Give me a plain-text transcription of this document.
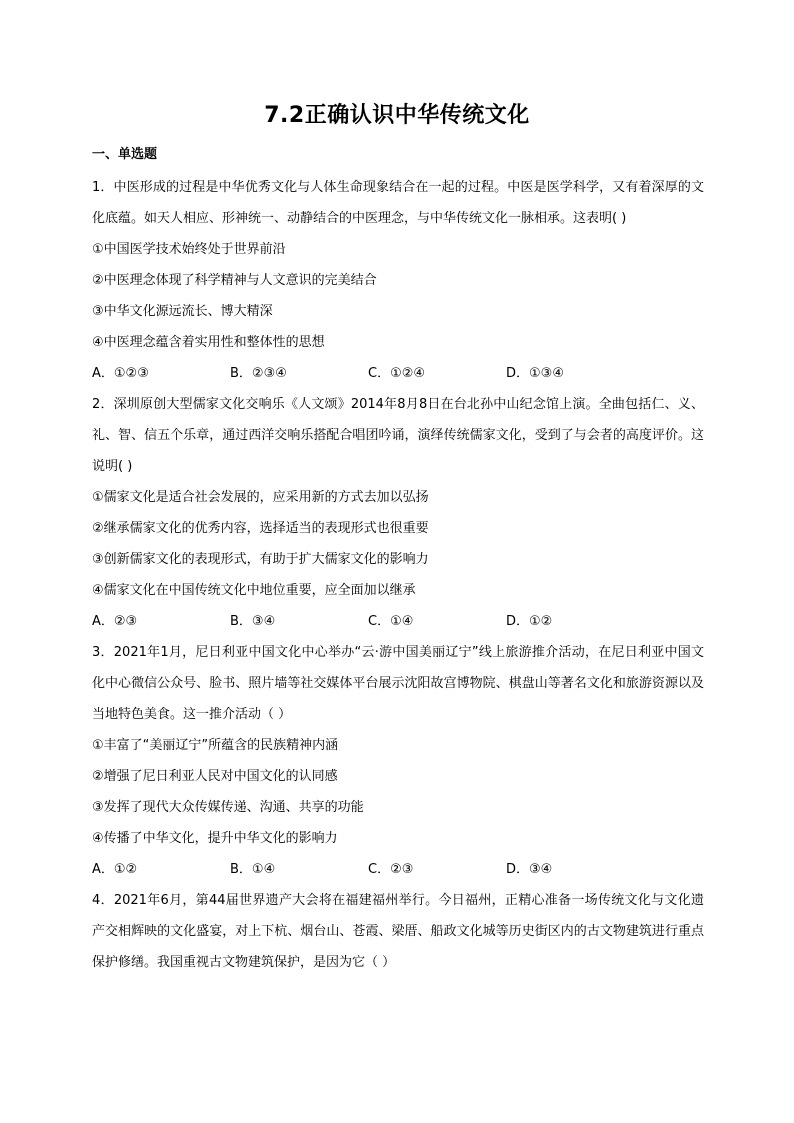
7.2正确认识中华传统文化
一、单选题

1．中医形成的过程是中华优秀文化与人体生命现象结合在一起的过程。中医是医学科学，又有着深厚的文化底蕴。如天人相应、形神统一、动静结合的中医理念，与中华传统文化一脉相承。这表明( )

①中国医学技术始终处于世界前沿

②中医理念体现了科学精神与人文意识的完美结合

③中华文化源远流长、博大精深

④中医理念蕴含着实用性和整体性的思想

A．①②③	B．②③④	C．①②④	D．①③④

2．深圳原创大型儒家文化交响乐《人文颂》2014年8月8日在台北孙中山纪念馆上演。全曲包括仁、义、礼、智、信五个乐章，通过西洋交响乐搭配合唱团吟诵，演绎传统儒家文化，受到了与会者的高度评价。这说明( )

①儒家文化是适合社会发展的，应采用新的方式去加以弘扬

②继承儒家文化的优秀内容，选择适当的表现形式也很重要

③创新儒家文化的表现形式，有助于扩大儒家文化的影响力

④儒家文化在中国传统文化中地位重要，应全面加以继承

A．②③	B．③④	C．①④	D．①②

3．2021年1月，尼日利亚中国文化中心举办“云·游中国美丽辽宁”线上旅游推介活动，在尼日利亚中国文化中心微信公众号、脸书、照片墙等社交媒体平台展示沈阳故宫博物院、棋盘山等著名文化和旅游资源以及当地特色美食。这一推介活动（ ）

①丰富了“美丽辽宁”所蕴含的民族精神内涵

②增强了尼日利亚人民对中国文化的认同感

③发挥了现代大众传媒传递、沟通、共享的功能

④传播了中华文化，提升中华文化的影响力

A．①②	B．①④	C．②③	D．③④

4．2021年6月，第44届世界遗产大会将在福建福州举行。今日福州，正精心准备一场传统文化与文化遗产交相辉映的文化盛宴，对上下杭、烟台山、苍霞、梁厝、船政文化城等历史街区内的古文物建筑进行重点保护修缮。我国重视古文物建筑保护，是因为它（ ）
